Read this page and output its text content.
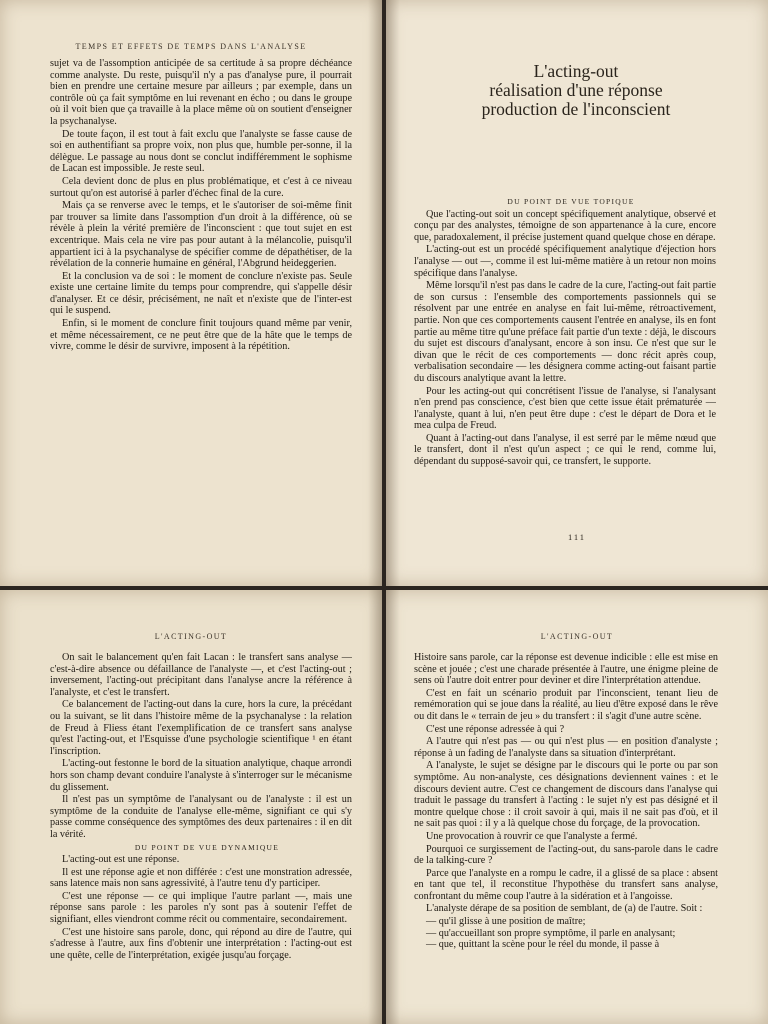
TEMPS ET EFFETS DE TEMPS DANS L'ANALYSE

sujet va de l'assomption anticipée de sa certitude à sa propre déchéance comme analyste. Du reste, puisqu'il n'y a pas d'analyse pure, il pourrait bien en prendre une certaine mesure par ailleurs ; par exemple, dans un contrôle où ça fait symptôme en lui revenant en écho ; ou dans le groupe où il voit bien que ça travaille à la place même où on soutient d'enseigner la psychanalyse.

De toute façon, il est tout à fait exclu que l'analyste se fasse cause de soi en authentifiant sa propre voix, non plus que, humble per-sonne, il la délègue. Le passage au nous dont se conclut indifféremment le sophisme de Lacan est impossible. Je reste seul.

Cela devient donc de plus en plus problématique, et c'est à ce niveau surtout qu'on est autorisé à parler d'échec final de la cure.

Mais ça se renverse avec le temps, et le s'autoriser de soi-même finit par trouver sa limite dans l'assomption d'un droit à la différence, où se révèle à plein la vérité première de l'inconscient : que tout sujet en est excentrique. Mais cela ne vire pas pour autant à la mélancolie, puisqu'il appartient ici à la psychanalyse de spécifier comme de dépathétiser, de la révélation de la connerie humaine en général, l'Abgrund heideggerien.

Et la conclusion va de soi : le moment de conclure n'existe pas. Seule existe une certaine limite du temps pour comprendre, qui s'appelle désir d'analyser. Et ce désir, précisément, ne naît et n'existe que de l'inter-est qui le suspend.

Enfin, si le moment de conclure finit toujours quand même par venir, et même nécessairement, ce ne peut être que de la hâte que le temps de vivre, comme le désir de survivre, imposent à la répétition.

L'acting-out
réalisation d'une réponse
production de l'inconscient

DU POINT DE VUE TOPIQUE

Que l'acting-out soit un concept spécifiquement analytique, observé et conçu par des analystes, témoigne de son appartenance à la cure, encore que, paradoxalement, il précise justement quand quelque chose en dérape.

L'acting-out est un procédé spécifiquement analytique d'éjection hors l'analyse — out —, comme il est lui-même matière à un retour non moins spécifique dans l'analyse.

Même lorsqu'il n'est pas dans le cadre de la cure, l'acting-out fait partie de son cursus : l'ensemble des comportements passionnels qui se résolvent par une entrée en analyse en fait lui-même, rétroactivement, partie. Non que ces comportements causent l'entrée en analyse, ils en font partie au même titre qu'une préface fait partie d'un texte : déjà, le discours du sujet est discours d'analysant, encore à son insu. Ce n'est que sur le divan que le récit de ces comportements — donc récit après coup, verbalisation secondaire — les désignera comme acting-out faisant partie du discours analytique avant la lettre.

Pour les acting-out qui concrétisent l'issue de l'analyse, si l'analysant n'en prend pas conscience, c'est bien que cette issue était prématurée — l'analyste, quant à lui, n'en peut être dupe : c'est le départ de Dora et le mea culpa de Freud.

Quant à l'acting-out dans l'analyse, il est serré par le même nœud que le transfert, dont il n'est qu'un aspect ; ce qui le rend, comme lui, dépendant du supposé-savoir qui, ce transfert, le supporte.

111

L'ACTING-OUT

On sait le balancement qu'en fait Lacan : le transfert sans analyse — c'est-à-dire absence ou défaillance de l'analyste —, et c'est l'acting-out ; inversement, l'acting-out précipitant dans l'analyse ancre la référence à l'analyste, et c'est le transfert.

Ce balancement de l'acting-out dans la cure, hors la cure, la précédant ou la suivant, se lit dans l'histoire même de la psychanalyse : la relation de Freud à Fliess étant l'exemplification de ce transfert sans analyse qu'est l'acting-out, et l'Esquisse d'une psychologie scientifique ¹ en étant l'inscription.

L'acting-out festonne le bord de la situation analytique, chaque arrondi hors son champ devant conduire l'analyste à s'interroger sur le mécanisme du glissement.

Il n'est pas un symptôme de l'analysant ou de l'analyste : il est un symptôme de la conduite de l'analyse elle-même, signifiant ce qui s'y passe comme conséquence des symptômes des deux partenaires : il en dit la vérité.

DU POINT DE VUE DYNAMIQUE

L'acting-out est une réponse.

Il est une réponse agie et non différée : c'est une monstration adressée, sans latence mais non sans agressivité, à l'autre tenu d'y participer.

C'est une réponse — ce qui implique l'autre parlant —, mais une réponse sans parole : les paroles n'y sont pas à soutenir l'effet de signifiant, elles viendront comme récit ou commentaire, secondairement.

C'est une histoire sans parole, donc, qui répond au dire de l'autre, qui s'adresse à l'autre, aux fins d'obtenir une interprétation : l'acting-out est une quête, celle de l'interprétation, exigée jusqu'au forçage.

L'ACTING-OUT

Histoire sans parole, car la réponse est devenue indicible : elle est mise en scène et jouée ; c'est une charade présentée à l'autre, une énigme pleine de sens où l'autre doit entrer pour deviner et dire l'interprétation attendue.

C'est en fait un scénario produit par l'inconscient, tenant lieu de remémoration qui se joue dans la réalité, au lieu d'être exposé dans le rêve ou dit dans le « terrain de jeu » du transfert : il s'agit d'une autre scène.

C'est une réponse adressée à qui ?

A l'autre qui n'est pas — ou qui n'est plus — en position d'analyste ; réponse à un fading de l'analyste dans sa situation d'interprétant.

A l'analyste, le sujet se désigne par le discours qui le porte ou par son symptôme. Au non-analyste, ces désignations deviennent vaines : et le discours devient autre. C'est ce changement de discours dans l'analyse qui traduit le passage du transfert à l'acting : le sujet n'y est pas désigné et il montre quelque chose : il croit savoir à qui, mais il ne sait pas d'où, et il ne sait pas quoi : il y a là quelque chose du forçage, de la provocation.

Une provocation à rouvrir ce que l'analyste a fermé.

Pourquoi ce surgissement de l'acting-out, du sans-parole dans le cadre de la talking-cure ?

Parce que l'analyste en a rompu le cadre, il a glissé de sa place : absent en tant que tel, il reconstitue l'hypothèse du transfert sans analyse, confrontant du même coup l'autre à la sidération et à l'angoisse.

L'analyste dérape de sa position de semblant, de (a) de l'autre. Soit :

— qu'il glisse à une position de maître;

— qu'accueillant son propre symptôme, il parle en analysant;

— que, quittant la scène pour le réel du monde, il passe à
